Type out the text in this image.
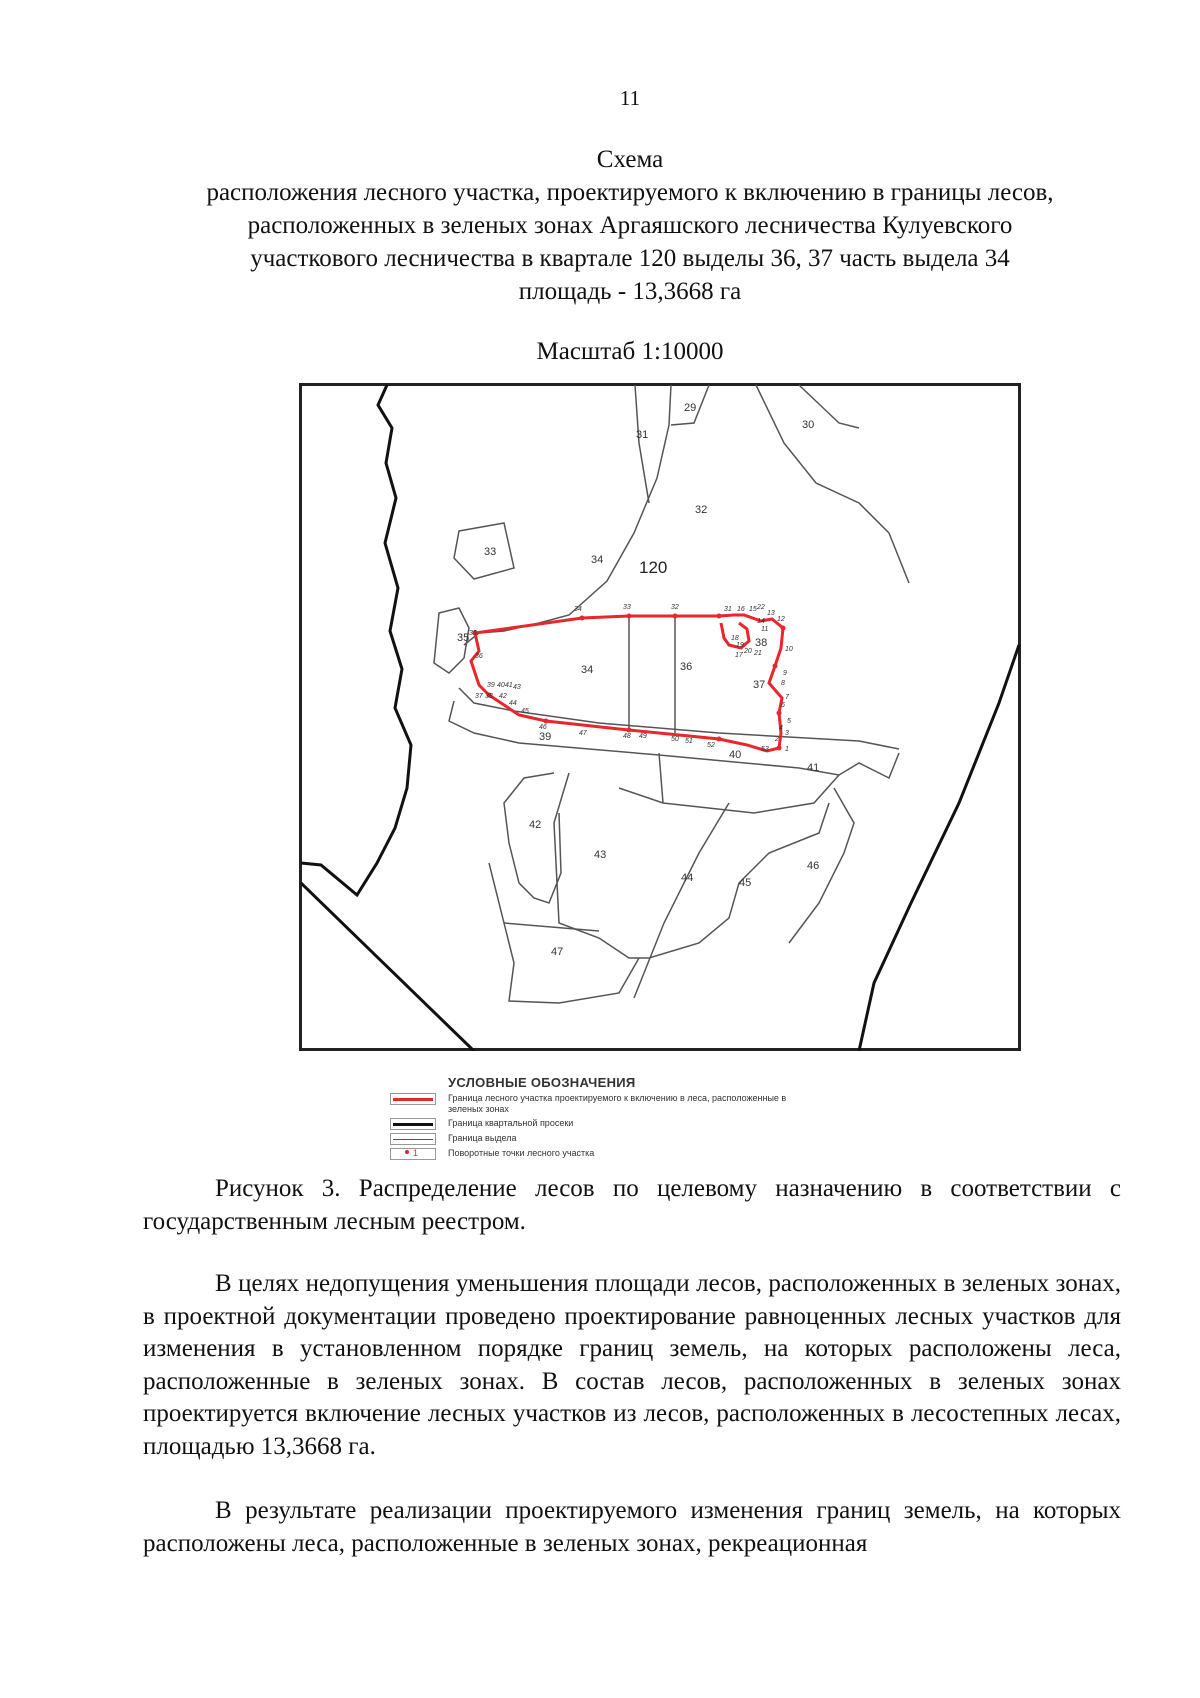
11
Схема
расположения лесного участка, проектируемого к включению в границы лесов,
расположенных в зеленых зонах Аргаяшского лесничества Кулуевского
участкового лесничества в квартале 120 выделы 36, 37 часть выдела 34
площадь - 13,3668 га
Масштаб 1:10000
29
30
31
32
33
34
35
34	36
37
38
39
40
41
42
43
44	45
46
47
120
34	33	32	31 16 15
14
13
12
11
10
9
8
7
6
5
4
3
2
1
21
20
19
18
17
53
52
51
50
49
48
47
46
45
44
43
42
41
40
39
38
37
36
35
22
УСЛОВНЫЕ ОБОЗНАЧЕНИЯ
Граница лесного участка проектируемого к включению в леса, расположенные в зеленых зонах
Граница квартальной просеки
Граница выдела
1	Поворотные точки лесного участка
Рисунок 3. Распределение лесов по целевому назначению в соответствии с государственным лесным реестром.
В целях недопущения уменьшения площади лесов, расположенных в зеленых зонах, в проектной документации проведено проектирование равноценных лесных участков для изменения в установленном порядке границ земель, на которых расположены леса, расположенные в зеленых зонах. В состав лесов, расположенных в зеленых зонах проектируется включение лесных участков из лесов, расположенных в лесостепных лесах, площадью 13,3668 га.
В результате реализации проектируемого изменения границ земель, на которых расположены леса, расположенные в зеленых зонах, рекреационная
